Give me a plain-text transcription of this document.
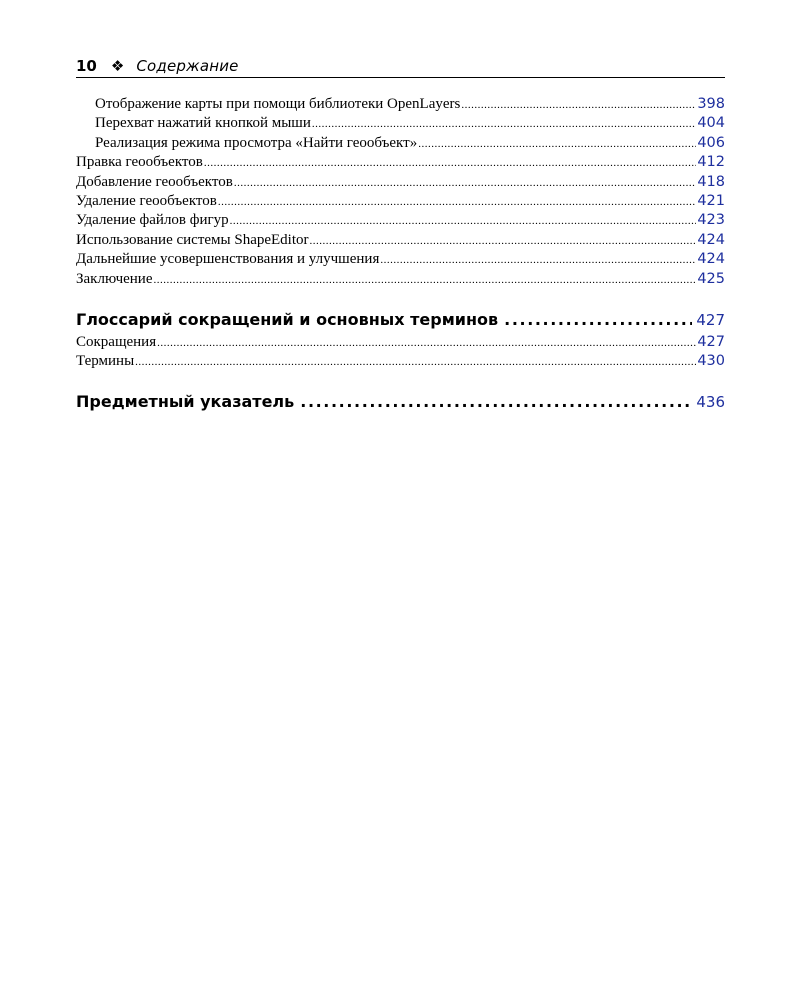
10 ❖ Содержание
Отображение карты при помощи библиотеки OpenLayers .....	398
Перехват нажатий кнопкой мыши .....	404
Реализация режима просмотра «Найти геообъект» .....	406
Правка геообъектов .....	412
Добавление геообъектов .....	418
Удаление геообъектов .....	421
Удаление файлов фигур .....	423
Использование системы ShapeEditor .....	424
Дальнейшие усовершенствования и улучшения .....	424
Заключение .....	425
Глоссарий сокращений и основных терминов .....	427
Сокращения .....	427
Термины .....	430
Предметный указатель .....	436
